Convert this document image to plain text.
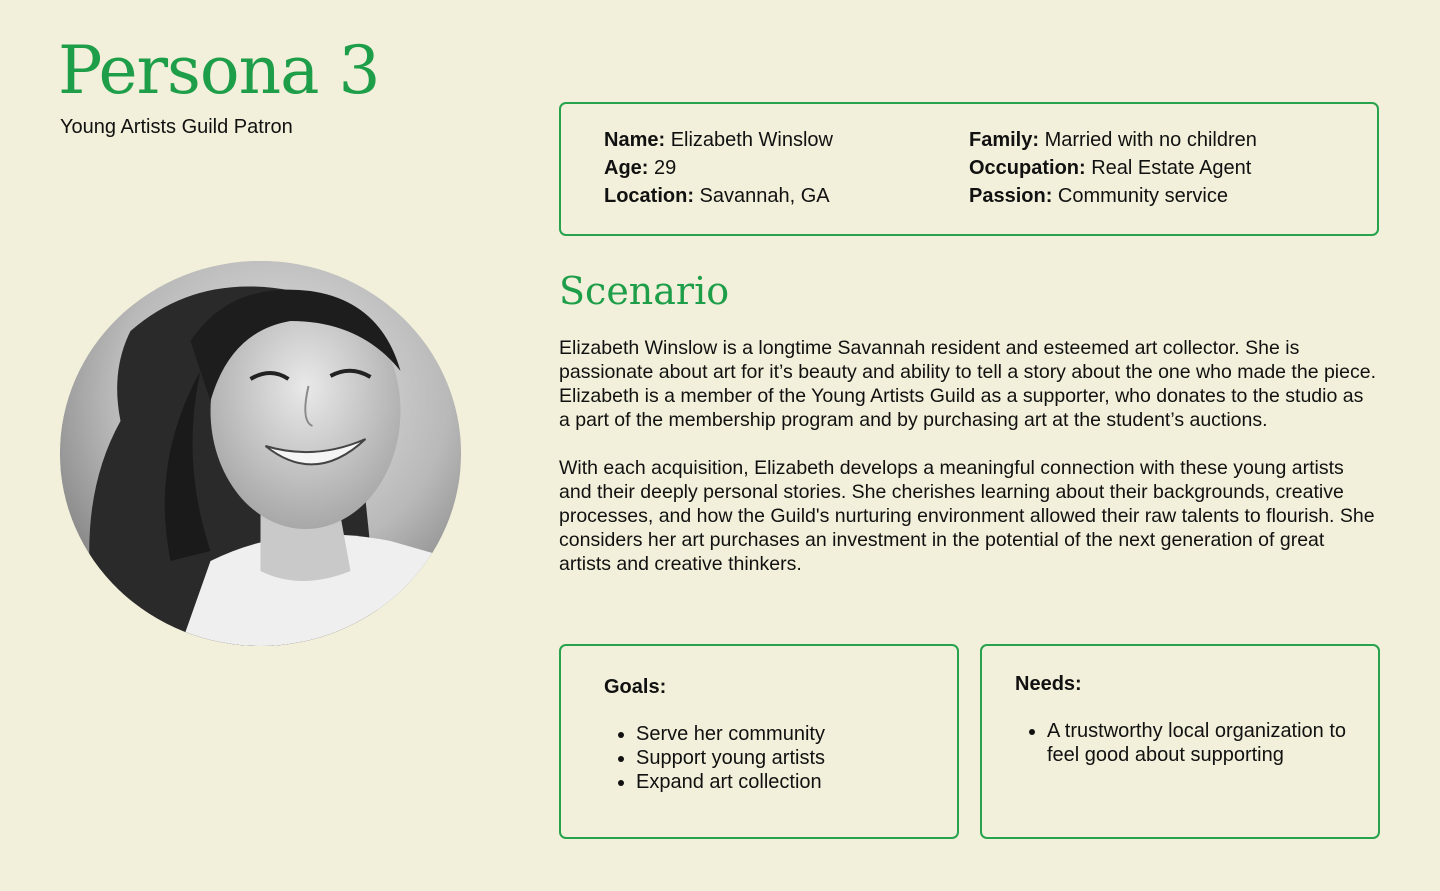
Persona 3
Young Artists Guild Patron
Name: Elizabeth Winslow
Age: 29
Location: Savannah, GA
Family: Married with no children
Occupation: Real Estate Agent
Passion: Community service
Scenario

Elizabeth Winslow is a longtime Savannah resident and esteemed art collector. She is passionate about art for it’s beauty and ability to tell a story about the one who made the piece. Elizabeth is a member of the Young Artists Guild as a supporter, who donates to the studio as a part of the membership program and by purchasing art at the student’s auctions.

With each acquisition, Elizabeth develops a meaningful connection with these young artists and their deeply personal stories. She cherishes learning about their backgrounds, creative processes, and how the Guild's nurturing environment allowed their raw talents to flourish. She considers her art purchases an investment in the potential of the next generation of great artists and creative thinkers.

Goals:
• Serve her community
• Support young artists
• Expand art collection
Needs:
• A trustworthy local organization to feel good about supporting
